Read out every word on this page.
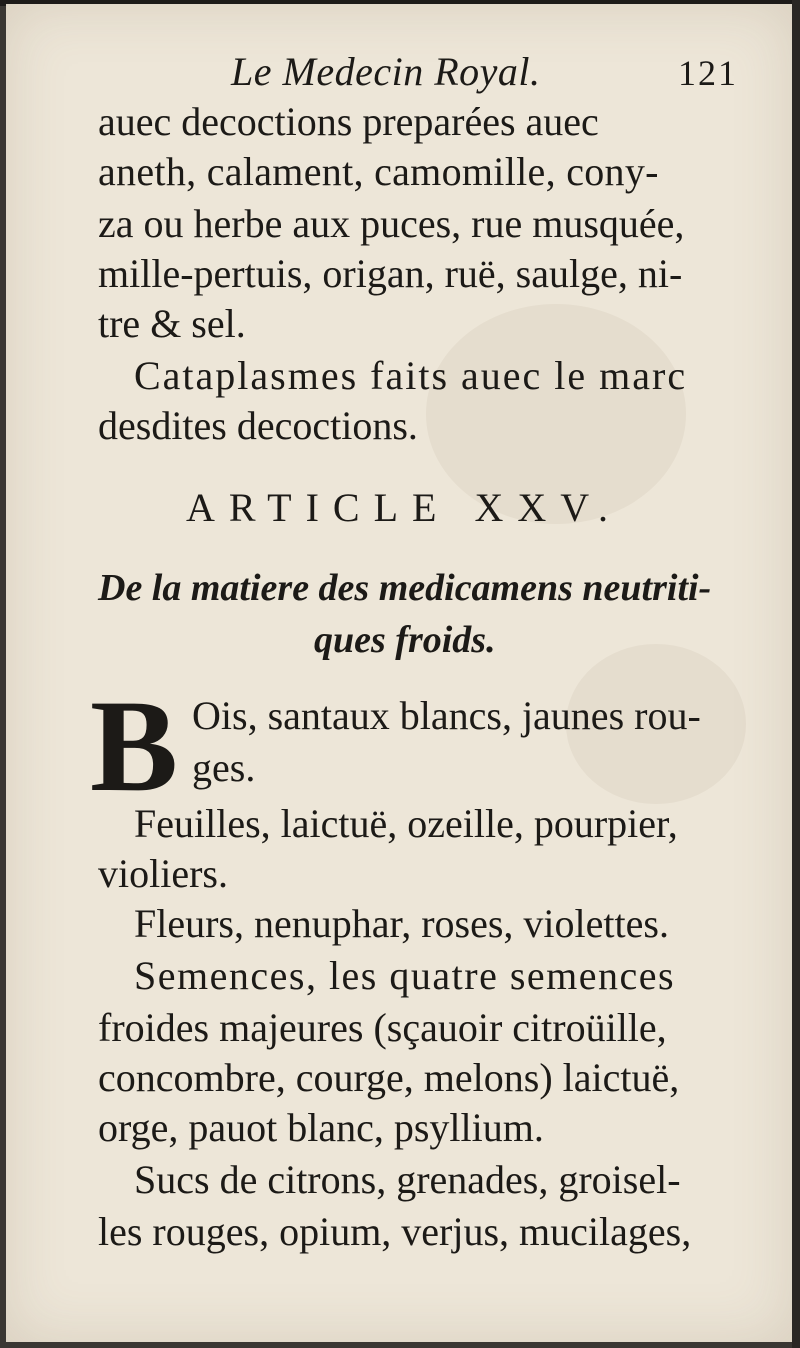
Le Medecin Royal.	121
auec decoctions preparées auec
aneth, calament, camomille, cony-
za ou herbe aux puces, rue musquée,
mille-pertuis, origan, ruë, saulge, ni-
tre & sel.
Cataplasmes faits auec le marc
desdites decoctions.
ARTICLE XXV.
De la matiere des medicamens neutriti-
ques froids.
B Ois, santaux blancs, jaunes rou-
ges.
Feuilles, laictuë, ozeille, pourpier,
violiers.
Fleurs, nenuphar, roses, violettes.
Semences, les quatre semences
froides majeures (sçauoir citroüille,
concombre, courge, melons) laictuë,
orge, pauot blanc, psyllium.
Sucs de citrons, grenades, groisel-
les rouges, opium, verjus, mucilages,
